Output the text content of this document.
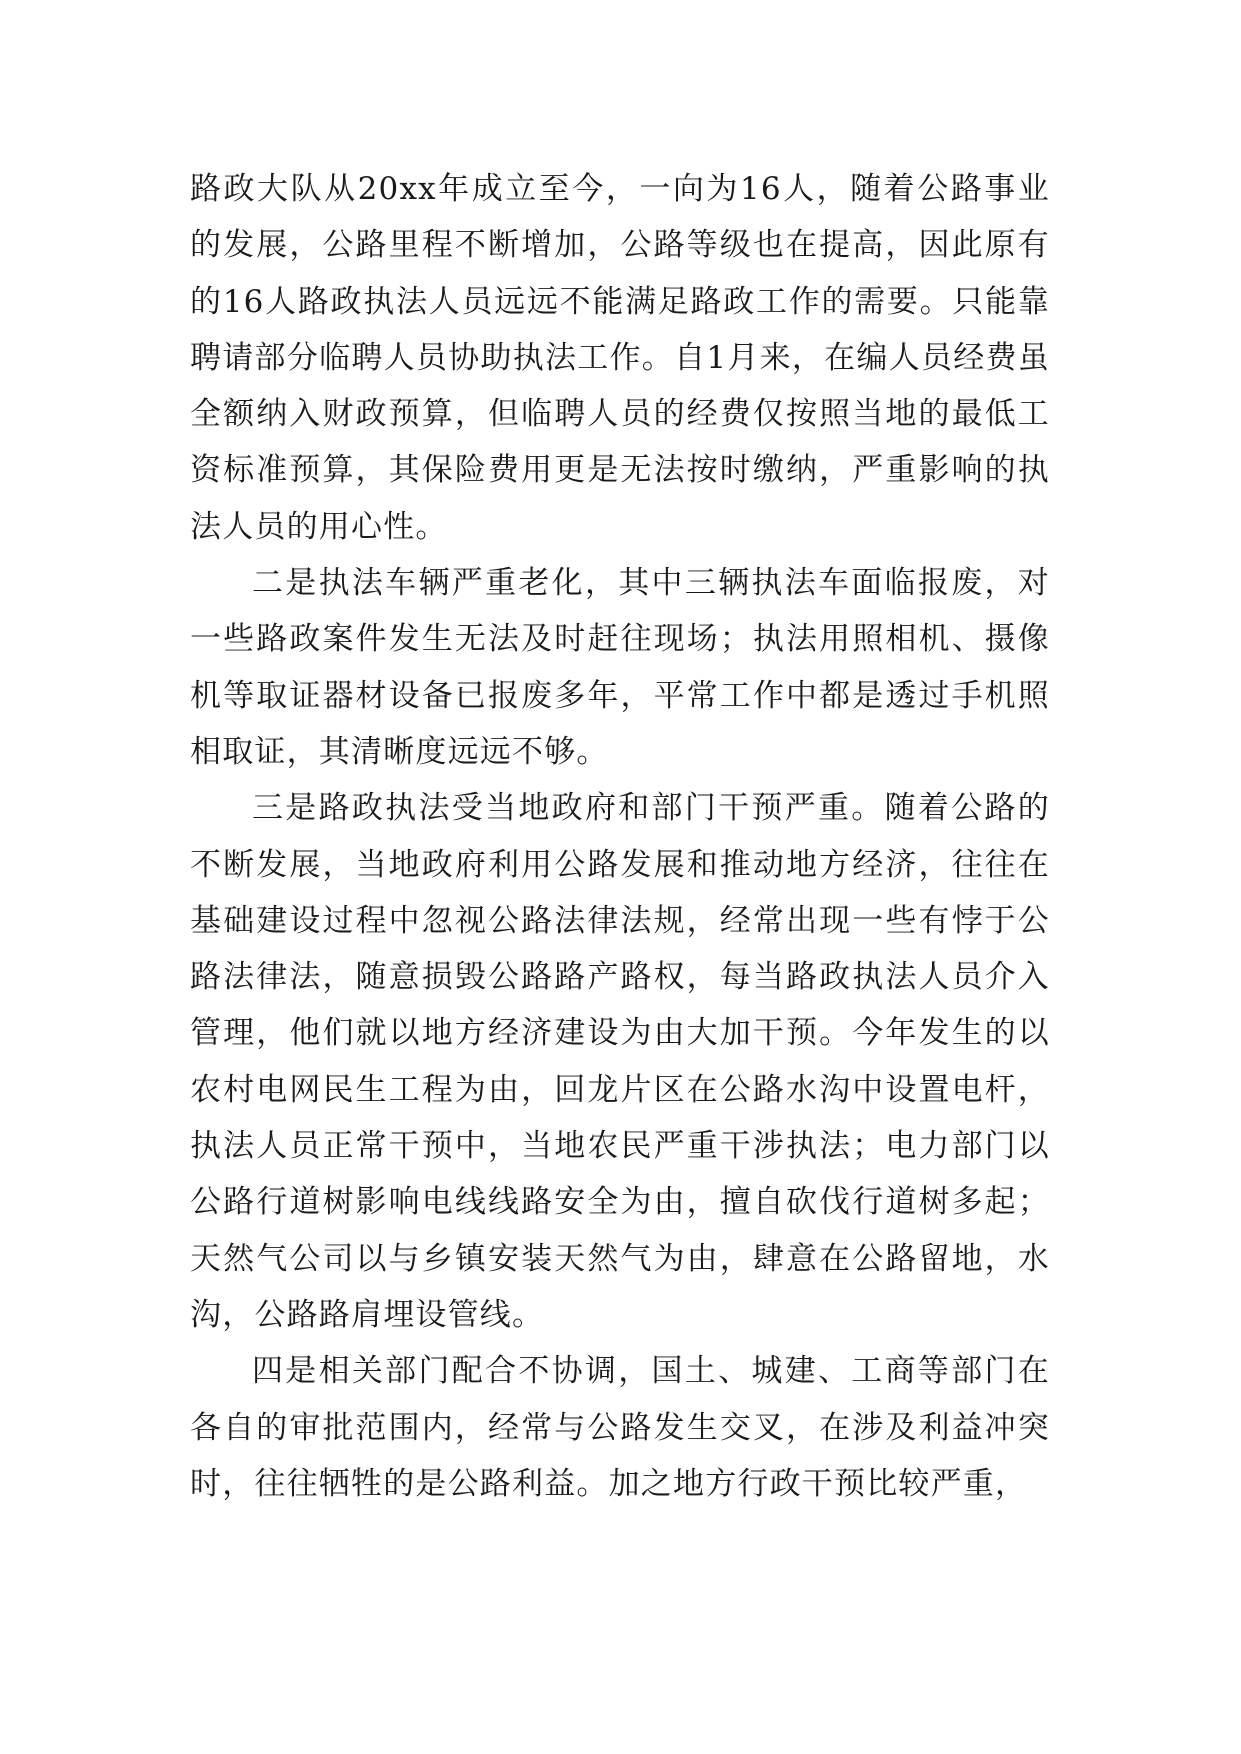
路政大队从20xx年成立至今，一向为16人，随着公路事业的发展，公路里程不断增加，公路等级也在提高，因此原有的16人路政执法人员远远不能满足路政工作的需要。只能靠聘请部分临聘人员协助执法工作。自1月来，在编人员经费虽全额纳入财政预算，但临聘人员的经费仅按照当地的最低工资标准预算，其保险费用更是无法按时缴纳，严重影响的执法人员的用心性。

二是执法车辆严重老化，其中三辆执法车面临报废，对一些路政案件发生无法及时赶往现场；执法用照相机、摄像机等取证器材设备已报废多年，平常工作中都是透过手机照相取证，其清晰度远远不够。

三是路政执法受当地政府和部门干预严重。随着公路的不断发展，当地政府利用公路发展和推动地方经济，往往在基础建设过程中忽视公路法律法规，经常出现一些有悖于公路法律法，随意损毁公路路产路权，每当路政执法人员介入管理，他们就以地方经济建设为由大加干预。今年发生的以农村电网民生工程为由，回龙片区在公路水沟中设置电杆，执法人员正常干预中，当地农民严重干涉执法；电力部门以公路行道树影响电线线路安全为由，擅自砍伐行道树多起；天然气公司以与乡镇安装天然气为由，肆意在公路留地，水沟，公路路肩埋设管线。

四是相关部门配合不协调，国土、城建、工商等部门在各自的审批范围内，经常与公路发生交叉，在涉及利益冲突时，往往牺牲的是公路利益。加之地方行政干预比较严重，
